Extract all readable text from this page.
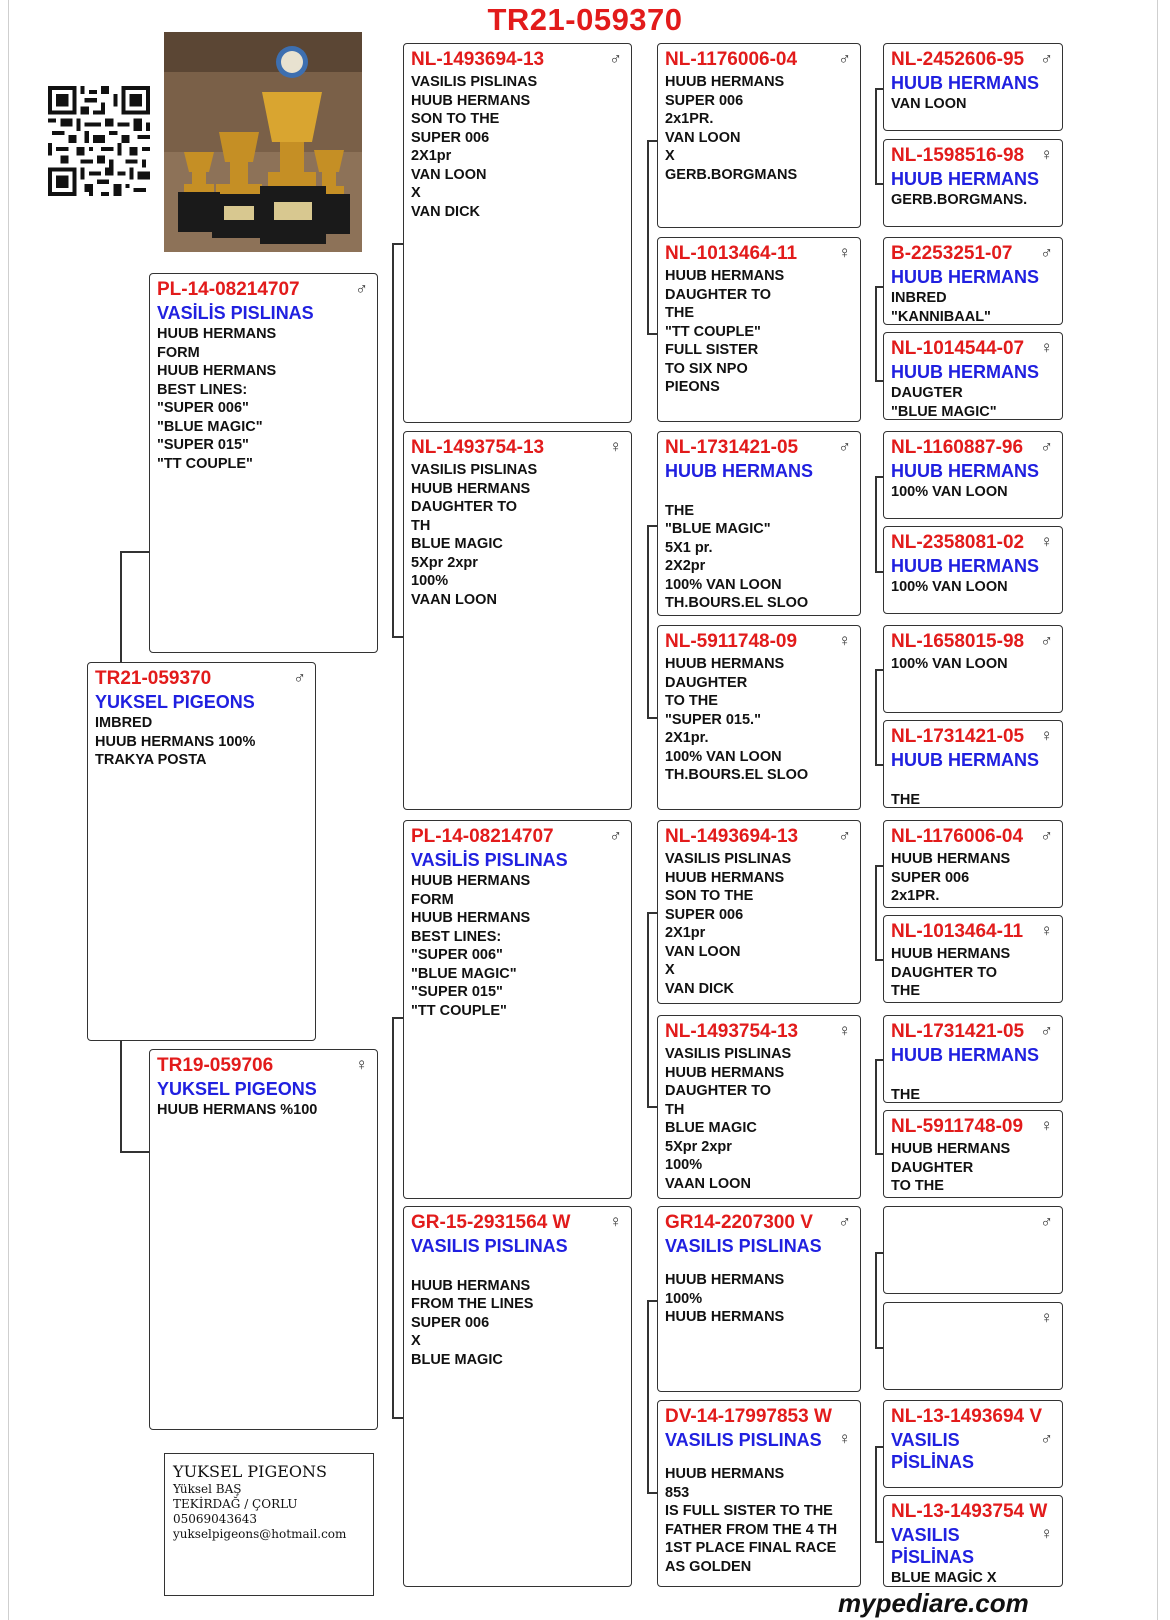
TR21-059370
♂
TR21-059370
YUKSEL PIGEONS
IMBRED
HUUB HERMANS 100%
TRAKYA POSTA
♂
PL-14-08214707
VASİLİS PISLINAS
HUUB HERMANS
FORM
HUUB HERMANS
BEST LINES:
"SUPER 006"
"BLUE MAGIC"
"SUPER 015"
"TT COUPLE"
♀
TR19-059706
YUKSEL PIGEONS
HUUB HERMANS %100
♂
NL-1493694-13
VASILIS PISLINAS
HUUB HERMANS
SON TO THE
SUPER 006
2X1pr
VAN LOON
X
VAN DICK
♀
NL-1493754-13
VASILIS PISLINAS
HUUB HERMANS
DAUGHTER TO
TH
BLUE MAGIC
5Xpr 2xpr
100%
VAAN LOON
♂
PL-14-08214707
VASİLİS PISLINAS
HUUB HERMANS
FORM
HUUB HERMANS
BEST LINES:
"SUPER 006"
"BLUE MAGIC"
"SUPER 015"
"TT COUPLE"
♀
GR-15-2931564 W
VASILIS PISLINAS

HUUB HERMANS
FROM THE LINES
SUPER 006
X
BLUE MAGIC
♂
NL-1176006-04
HUUB HERMANS
SUPER 006
2x1PR.
VAN LOON
X
GERB.BORGMANS
♀
NL-1013464-11
HUUB HERMANS
DAUGHTER TO
THE
"TT COUPLE"
FULL SISTER
TO SIX NPO
PIEONS
♂
NL-1731421-05
HUUB HERMANS

THE
"BLUE MAGIC"
5X1 pr.
2X2pr
100% VAN LOON
TH.BOURS.EL SLOO
♀
NL-5911748-09
HUUB HERMANS
DAUGHTER
TO THE
"SUPER 015."
2X1pr.
100% VAN LOON
TH.BOURS.EL SLOO
♂
NL-1493694-13
VASILIS PISLINAS
HUUB HERMANS
SON TO THE
SUPER 006
2X1pr
VAN LOON
X
VAN DICK
♀
NL-1493754-13
VASILIS PISLINAS
HUUB HERMANS
DAUGHTER TO
TH
BLUE MAGIC
5Xpr 2xpr
100%
VAAN LOON
♂
GR14-2207300 V
VASILIS PISLINAS
HUUB HERMANS
100%
HUUB HERMANS
♀
DV-14-17997853 W
VASILIS PISLINAS
HUUB HERMANS
853
IS FULL SISTER TO THE
FATHER FROM THE 4 TH
1ST PLACE FINAL RACE
AS GOLDEN
♂
NL-2452606-95
HUUB HERMANS
VAN LOON
♀
NL-1598516-98
HUUB HERMANS
GERB.BORGMANS.
♂
B-2253251-07
HUUB HERMANS
INBRED
"KANNIBAAL"
♀
NL-1014544-07
HUUB HERMANS
DAUGTER
"BLUE MAGIC"
♂
NL-1160887-96
HUUB HERMANS
100% VAN LOON
♀
NL-2358081-02
HUUB HERMANS
100% VAN LOON
♂
NL-1658015-98
100% VAN LOON
♀
NL-1731421-05
HUUB HERMANS

THE
♂
NL-1176006-04
HUUB HERMANS
SUPER 006
2x1PR.
♀
NL-1013464-11
HUUB HERMANS
DAUGHTER TO
THE
♂
NL-1731421-05
HUUB HERMANS

THE
♀
NL-5911748-09
HUUB HERMANS
DAUGHTER
TO THE
♂
♀
♂
NL-13-1493694 V
VASILIS
PİSLİNAS
♀
NL-13-1493754 W
VASILIS
PİSLİNAS
BLUE MAGİC X
YUKSEL PIGEONS
Yüksel BAŞ
TEKİRDAĞ / ÇORLU
05069043643
yukselpigeons@hotmail.com
mypediare.com
